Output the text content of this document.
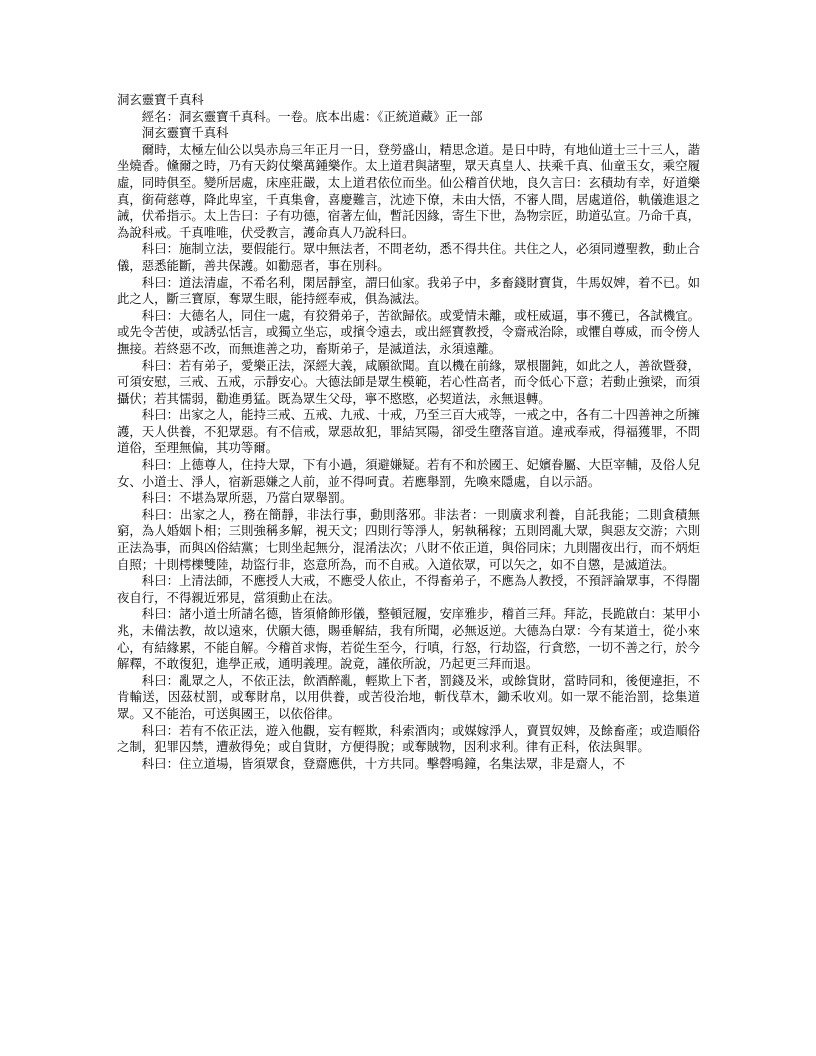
洞玄靈寶千真科

經名：洞玄靈寶千真科。一卷。底本出處：《正統道藏》正一部

洞玄靈寶千真科

爾時，太極左仙公以吳赤烏三年正月一日，登勞盛山，精思念道。是日中時，有地仙道士三十三人，諧坐燒香。儵爾之時，乃有天鈞仗樂萬鍾樂作。太上道君與諸聖，眾天真皇人、扶乘千真、仙童玉女，乘空履虛，同時俱至。變所居處，床座莊嚴，太上道君依位而坐。仙公稽首伏地，良久言曰：玄積劫有幸，好道樂真，銜荷慈尊，降此卑室，千真集會，喜慶難言，沈迹下僚，未由大悟，不審人間，居處道俗，軌儀進退之誡，伏希指示。太上告曰：子有功德，宿著左仙，暫託因緣，寄生下世，為物宗匠，助道弘宣。乃命千真，為說科戒。千真唯唯，伏受教言，護命真人乃說科曰。

科曰：施制立法，要假能行。眾中無法者，不問老幼，悉不得共住。共住之人，必須同遵聖教，動止合儀，惡悉能斷，善共保護。如勸惡者，事在別科。

科曰：道法清虛，不希名利，閑居靜室，謂曰仙家。我弟子中，多畜錢財寶貨，牛馬奴婢，着不已。如此之人，斷三寶原，奪眾生眼，能持經奉戒，俱為滅法。

科曰：大德名人，同住一處，有狡猾弟子，苦欲歸依。或愛情未離，或枉威逼，事不獲已，各試機宜。或先令苦使，或誘弘恬言，或獨立坐忘，或擯令遠去，或出經寶教授，令齋戒治除，或懼自尊威，而令傍人撫接。若終惡不改，而無進善之功，畜斯弟子，是滅道法，永須遠離。

科曰：若有弟子，愛樂正法，深經大義，咸願欲聞。直以機在前緣，眾根闇鈍，如此之人，善欲暨發，可須安慰，三戒、五戒，示靜安心。大德法師是眾生模範，若心性高者，而令低心下意；若動止強梁，而須攝伏；若其懦弱，勸進勇猛。既為眾生父母，寧不愍愍，必契道法，永無退轉。

科曰：出家之人，能持三戒、五戒、九戒、十戒，乃至三百大戒等，一戒之中，各有二十四善神之所擁護，天人供養，不犯眾惡。有不信戒，眾惡故犯，罪結冥陽，卻受生墮落盲道。違戒奉戒，得福獲罪，不問道俗，至理無偏，其功等爾。

科曰：上德尊人，住持大眾，下有小過，須避嫌疑。若有不和於國王、妃嬪眷屬、大臣宰輔，及俗人兒女、小道士、淨人，宿新惡嫌之人前，並不得呵責。若應舉罰，先喚來隱處，自以示語。

科曰：不堪為眾所惡，乃當白眾舉罰。

科曰：出家之人，務在簡靜，非法行事，動則落邪。非法者：一則廣求利養，自託我能；二則貪積無窮，為人婚姻卜相；三則強稱多解，視天文；四則行等淨人，躬執稱稼；五則罔亂大眾，與惡友交游；六則正法為事，而與凶俗結黨；七則坐起無分，混淆法次；八財不依正道，與俗同床；九則闇夜出行，而不炳炬自照；十則樗櫟雙陸，劫盜行非，恣意所為，而不自戒。入道依眾，可以矢之，如不自懲，是滅道法。

科曰：上清法師，不應授人大戒，不應受人依止，不得畜弟子，不應為人教授，不預評論眾事，不得闇夜自行，不得親近邪見，當須動止在法。

科曰：諸小道士所請名德，皆須脩飾形儀，整頓冠履，安庠雅步，稽首三拜。拜訖，長跪啟白：某甲小兆，未備法教，故以遠來，伏願大德，賜垂解結，我有所聞，必無返逆。大德為白眾：今有某道士，從小來心，有結緣累，不能自解。今稽首求悔，若從生至今，行嗔，行怒，行劫盜，行貪慾，一切不善之行，於今解釋，不敢復犯，進學正戒，通明義理。說竟，謹依所說，乃起更三拜而退。

科曰：亂眾之人，不依正法，飲酒醉亂，輕欺上下者，罰錢及米，或餘貨財，當時同和，後便違拒，不肯輸送，因茲杖罰，或奪財帛，以用供養，或苦役治地，斬伐草木，鋤禾收刈。如一眾不能治罰，捻集道眾。又不能治，可送與國王，以依俗律。

科曰：若有不依正法，遊入他觀，妄有輕欺，科索酒肉；或媒嫁淨人，賣買奴婢，及餘畜產；或造順俗之制，犯罪囚禁，遭赦得免；或自貨財，方便得脫；或奪賊物，因利求利。律有正科，依法與罪。

科曰：住立道場，皆須眾食，登齋應供，十方共同。擊磬鳴鐘，名集法眾，非是齋人，不
